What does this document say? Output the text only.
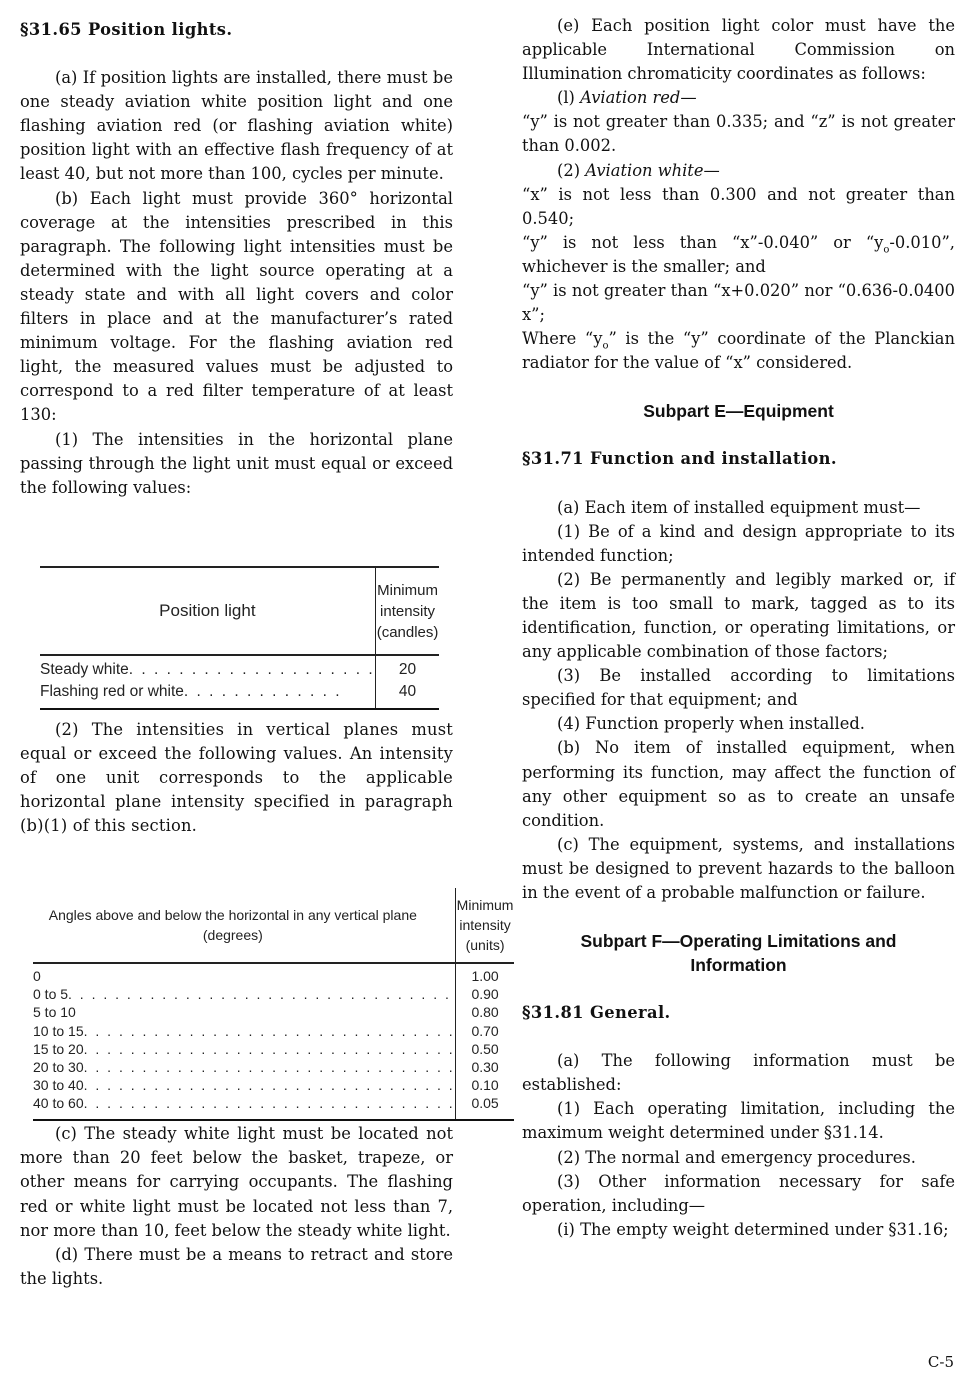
§31.65 Position lights.

(a) If position lights are installed, there must be one steady aviation white position light and one flashing aviation red (or flashing aviation white) position light with an effective flash frequency of at least 40, but not more than 100, cycles per minute.

(b) Each light must provide 360° horizontal coverage at the intensities prescribed in this paragraph. The following light intensities must be determined with the light source operating at a steady state and with all light covers and color filters in place and at the manufacturer’s rated minimum voltage. For the flashing aviation red light, the measured values must be adjusted to correspond to a red filter temperature of at least 130:

(1) The intensities in the horizontal plane passing through the light unit must equal or exceed the following values:

(2) The intensities in vertical planes must equal or exceed the following values. An intensity of one unit corresponds to the applicable horizontal plane intensity specified in paragraph (b)(1) of this section.

(c) The steady white light must be located not more than 20 feet below the basket, trapeze, or other means for carrying occupants. The flashing red or white light must be located not less than 7, nor more than 10, feet below the steady white light.

(d) There must be a means to retract and store the lights.

Position light	Minimum intensity (candles)
Steady white. . . . . . . . . . . . . . . . . . . .	20
Flashing red or white. . . . . . . . . . . . .	40
Angles above and below the horizontal in any vertical plane (degrees)	Minimum intensity (units)
0	1.00
0 to 5. . . . . . . . . . . . . . . . . . . . . . . . . . . . . . . . .	0.90
5 to 10	0.80
10 to 15. . . . . . . . . . . . . . . . . . . . . . . . . . . . . . . .	0.70
15 to 20. . . . . . . . . . . . . . . . . . . . . . . . . . . . . . . .	0.50
20 to 30. . . . . . . . . . . . . . . . . . . . . . . . . . . . . . . .	0.30
30 to 40. . . . . . . . . . . . . . . . . . . . . . . . . . . . . . . .	0.10
40 to 60. . . . . . . . . . . . . . . . . . . . . . . . . . . . . . . .	0.05

(e) Each position light color must have the applicable International Commission on Illumination chromaticity coordinates as follows:

(l) Aviation red—

“y” is not greater than 0.335; and “z” is not greater than 0.002.

(2) Aviation white—

“x” is not less than 0.300 and not greater than 0.540;

“y” is not less than “x”-0.040” or “$y_o-0.010$”, whichever is the smaller; and

“y” is not greater than “x+0.020” nor “0.636-0.0400 x”;

Where “$y_o$” is the “y” coordinate of the Planckian radiator for the value of “x” considered.

Subpart E—Equipment

§31.71 Function and installation.

(a) Each item of installed equipment must—

(1) Be of a kind and design appropriate to its intended function;

(2) Be permanently and legibly marked or, if the item is too small to mark, tagged as to its identification, function, or operating limitations, or any applicable combination of those factors;

(3) Be installed according to limitations specified for that equipment; and

(4) Function properly when installed.

(b) No item of installed equipment, when performing its function, may affect the function of any other equipment so as to create an unsafe condition.

(c) The equipment, systems, and installations must be designed to prevent hazards to the balloon in the event of a probable malfunction or failure.

Subpart F—Operating Limitations and
Information

§31.81 General.

(a) The following information must be established:

(1) Each operating limitation, including the maximum weight determined under §31.14.

(2) The normal and emergency procedures.

(3) Other information necessary for safe operation, including—

(i) The empty weight determined under §31.16;

C-5
